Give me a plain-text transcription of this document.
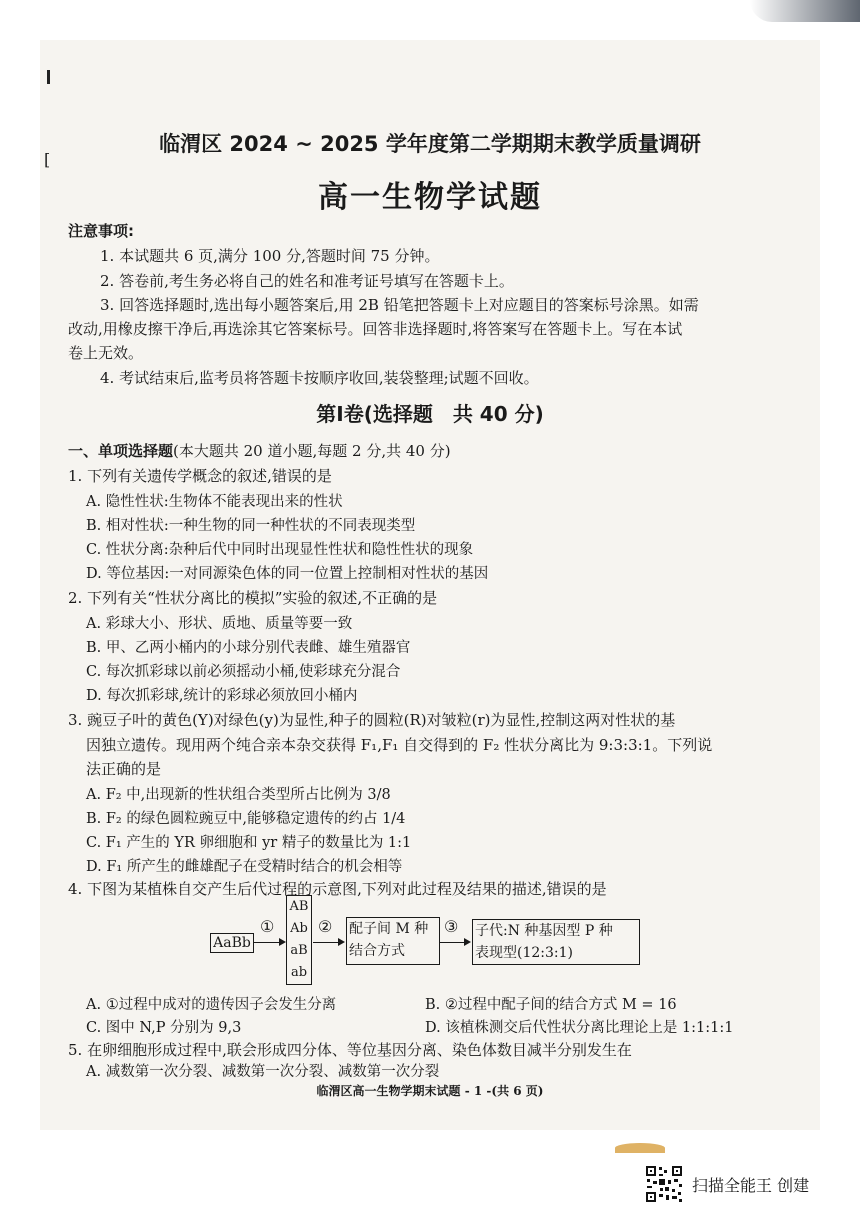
[
临渭区 2024 ~ 2025 学年度第二学期期末教学质量调研
高一生物学试题
注意事项:
1. 本试题共 6 页,满分 100 分,答题时间 75 分钟。
2. 答卷前,考生务必将自己的姓名和准考证号填写在答题卡上。
3. 回答选择题时,选出每小题答案后,用 2B 铅笔把答题卡上对应题目的答案标号涂黑。如需
改动,用橡皮擦干净后,再选涂其它答案标号。回答非选择题时,将答案写在答题卡上。写在本试
卷上无效。
4. 考试结束后,监考员将答题卡按顺序收回,装袋整理;试题不回收。
第Ⅰ卷(选择题　共 40 分)
一、单项选择题(本大题共 20 道小题,每题 2 分,共 40 分)
1. 下列有关遗传学概念的叙述,错误的是
A. 隐性性状:生物体不能表现出来的性状
B. 相对性状:一种生物的同一种性状的不同表现类型
C. 性状分离:杂种后代中同时出现显性性状和隐性性状的现象
D. 等位基因:一对同源染色体的同一位置上控制相对性状的基因
2. 下列有关“性状分离比的模拟”实验的叙述,不正确的是
A. 彩球大小、形状、质地、质量等要一致
B. 甲、乙两小桶内的小球分别代表雌、雄生殖器官
C. 每次抓彩球以前必须摇动小桶,使彩球充分混合
D. 每次抓彩球,统计的彩球必须放回小桶内
3. 豌豆子叶的黄色(Y)对绿色(y)为显性,种子的圆粒(R)对皱粒(r)为显性,控制这两对性状的基
因独立遗传。现用两个纯合亲本杂交获得 F₁,F₁ 自交得到的 F₂ 性状分离比为 9:3:3:1。下列说
法正确的是
A. F₂ 中,出现新的性状组合类型所占比例为 3/8
B. F₂ 的绿色圆粒豌豆中,能够稳定遗传的约占 1/4
C. F₁ 产生的 YR 卵细胞和 yr 精子的数量比为 1:1
D. F₁ 所产生的雌雄配子在受精时结合的机会相等
4. 下图为某植株自交产生后代过程的示意图,下列对此过程及结果的描述,错误的是
AaBb
①
AB
Ab
aB
ab
② 配子间 M 种
结合方式
③ 子代:N 种基因型 P 种
表现型(12:3:1)
A. ①过程中成对的遗传因子会发生分离	B. ②过程中配子间的结合方式 M = 16
C. 图中 N,P 分别为 9,3	D. 该植株测交后代性状分离比理论上是 1:1:1:1
5. 在卵细胞形成过程中,联会形成四分体、等位基因分离、染色体数目减半分别发生在
A. 减数第一次分裂、减数第一次分裂、减数第一次分裂
临渭区高一生物学期末试题 - 1 -(共 6 页)
扫描全能王 创建
